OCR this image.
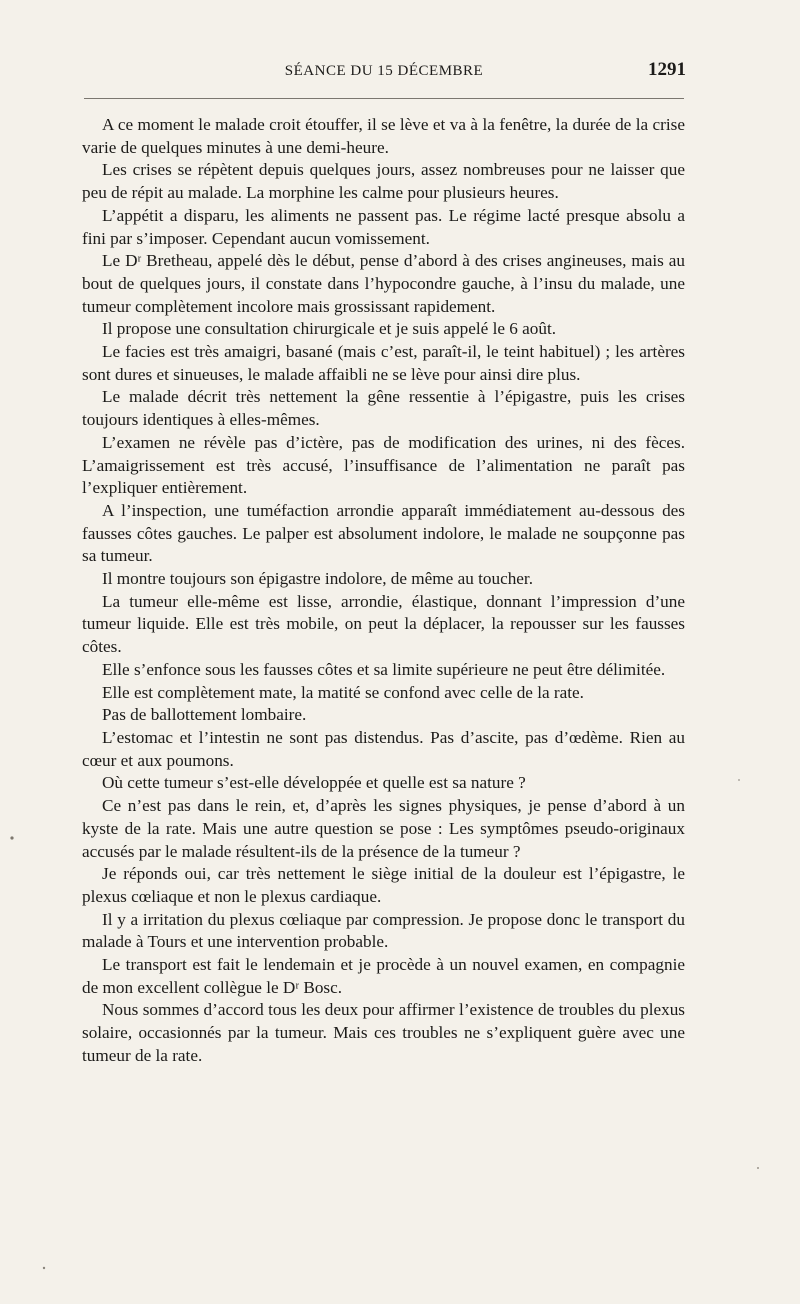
SÉANCE DU 15 DÉCEMBRE	1291

A ce moment le malade croit étouffer, il se lève et va à la fenêtre, la durée de la crise varie de quelques minutes à une demi-heure.

Les crises se répètent depuis quelques jours, assez nombreuses pour ne laisser que peu de répit au malade. La morphine les calme pour plusieurs heures.

L’appétit a disparu, les aliments ne passent pas. Le régime lacté presque absolu a fini par s’imposer. Cependant aucun vomissement.

Le Dʳ Bretheau, appelé dès le début, pense d’abord à des crises angineuses, mais au bout de quelques jours, il constate dans l’hypocondre gauche, à l’insu du malade, une tumeur complètement incolore mais grossissant rapidement.

Il propose une consultation chirurgicale et je suis appelé le 6 août.

Le facies est très amaigri, basané (mais c’est, paraît-il, le teint habituel) ; les artères sont dures et sinueuses, le malade affaibli ne se lève pour ainsi dire plus.

Le malade décrit très nettement la gêne ressentie à l’épigastre, puis les crises toujours identiques à elles-mêmes.

L’examen ne révèle pas d’ictère, pas de modification des urines, ni des fèces. L’amaigrissement est très accusé, l’insuffisance de l’alimentation ne paraît pas l’expliquer entièrement.

A l’inspection, une tuméfaction arrondie apparaît immédiatement au-dessous des fausses côtes gauches. Le palper est absolument indolore, le malade ne soupçonne pas sa tumeur.

Il montre toujours son épigastre indolore, de même au toucher.

La tumeur elle-même est lisse, arrondie, élastique, donnant l’impression d’une tumeur liquide. Elle est très mobile, on peut la déplacer, la repousser sur les fausses côtes.

Elle s’enfonce sous les fausses côtes et sa limite supérieure ne peut être délimitée.

Elle est complètement mate, la matité se confond avec celle de la rate.

Pas de ballottement lombaire.

L’estomac et l’intestin ne sont pas distendus. Pas d’ascite, pas d’œdème. Rien au cœur et aux poumons.

Où cette tumeur s’est-elle développée et quelle est sa nature ?

Ce n’est pas dans le rein, et, d’après les signes physiques, je pense d’abord à un kyste de la rate. Mais une autre question se pose : Les symptômes pseudo-originaux accusés par le malade résultent-ils de la présence de la tumeur ?

Je réponds oui, car très nettement le siège initial de la douleur est l’épigastre, le plexus cœliaque et non le plexus cardiaque.

Il y a irritation du plexus cœliaque par compression. Je propose donc le transport du malade à Tours et une intervention probable.

Le transport est fait le lendemain et je procède à un nouvel examen, en compagnie de mon excellent collègue le Dʳ Bosc.

Nous sommes d’accord tous les deux pour affirmer l’existence de troubles du plexus solaire, occasionnés par la tumeur. Mais ces troubles ne s’expliquent guère avec une tumeur de la rate.
